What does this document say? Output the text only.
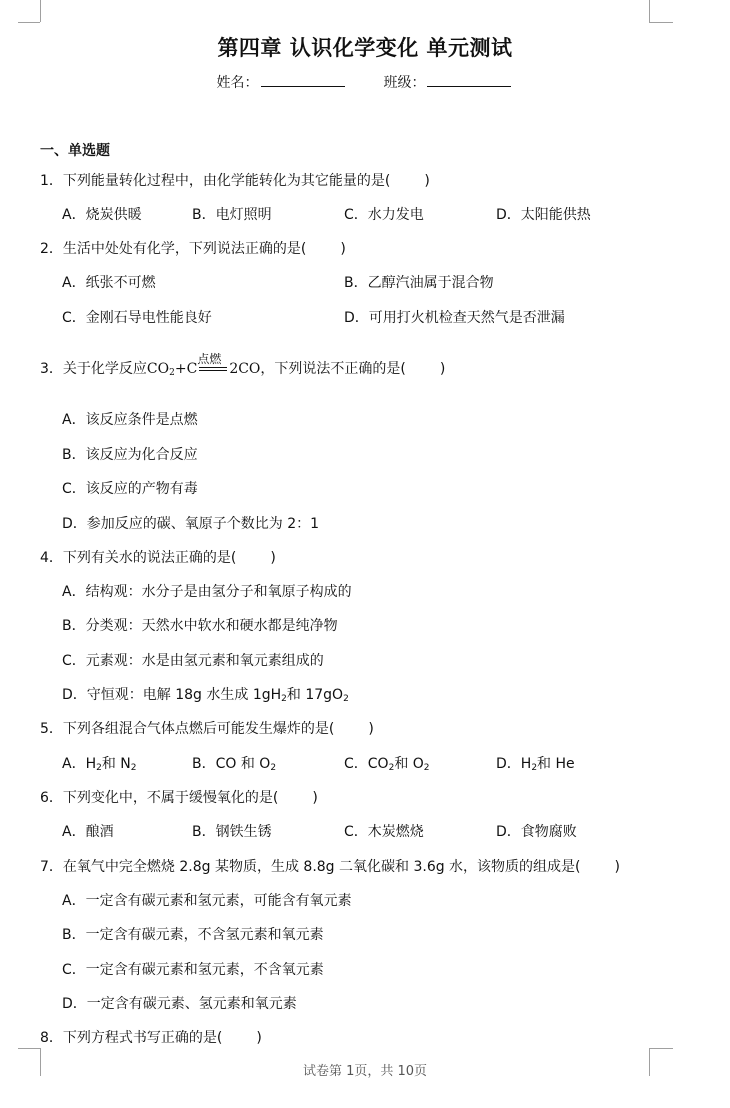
第四章 认识化学变化 单元测试
姓名：	班级：
一、单选题
1．下列能量转化过程中，由化学能转化为其它能量的是( )
A．烧炭供暖	B．电灯照明	C．水力发电	D．太阳能供热
2．生活中处处有化学，下列说法正确的是( )
A．纸张不可燃	B．乙醇汽油属于混合物
C．金刚石导电性能良好	D．可用打火机检查天然气是否泄漏
3．关于化学反应$CO_2+C$
点燃
2CO，下列说法不正确的是( )
A．该反应条件是点燃
B．该反应为化合反应
C．该反应的产物有毒
D．参加反应的碳、氧原子个数比为 2：1
4．下列有关水的说法正确的是( )
A．结构观：水分子是由氢分子和氧原子构成的
B．分类观：天然水中软水和硬水都是纯净物
C．元素观：水是由氢元素和氧元素组成的
D．守恒观：电解 18g 水生成 $1gH_2$和 $17gO_2$
5．下列各组混合气体点燃后可能发生爆炸的是( )
A．$H_2$和 $N_2$	B．CO 和 $O_2$	C．$CO_2$和 $O_2$	D．$H_2$和 He
6．下列变化中，不属于缓慢氧化的是( )
A．酿酒	B．钢铁生锈	C．木炭燃烧	D．食物腐败
7．在氧气中完全燃烧 2.8g 某物质，生成 8.8g 二氧化碳和 3.6g 水，该物质的组成是( )
A．一定含有碳元素和氢元素，可能含有氧元素
B．一定含有碳元素，不含氢元素和氧元素
C．一定含有碳元素和氢元素，不含氧元素
D．一定含有碳元素、氢元素和氧元素
8．下列方程式书写正确的是( )
试卷第 1页，共 10页
